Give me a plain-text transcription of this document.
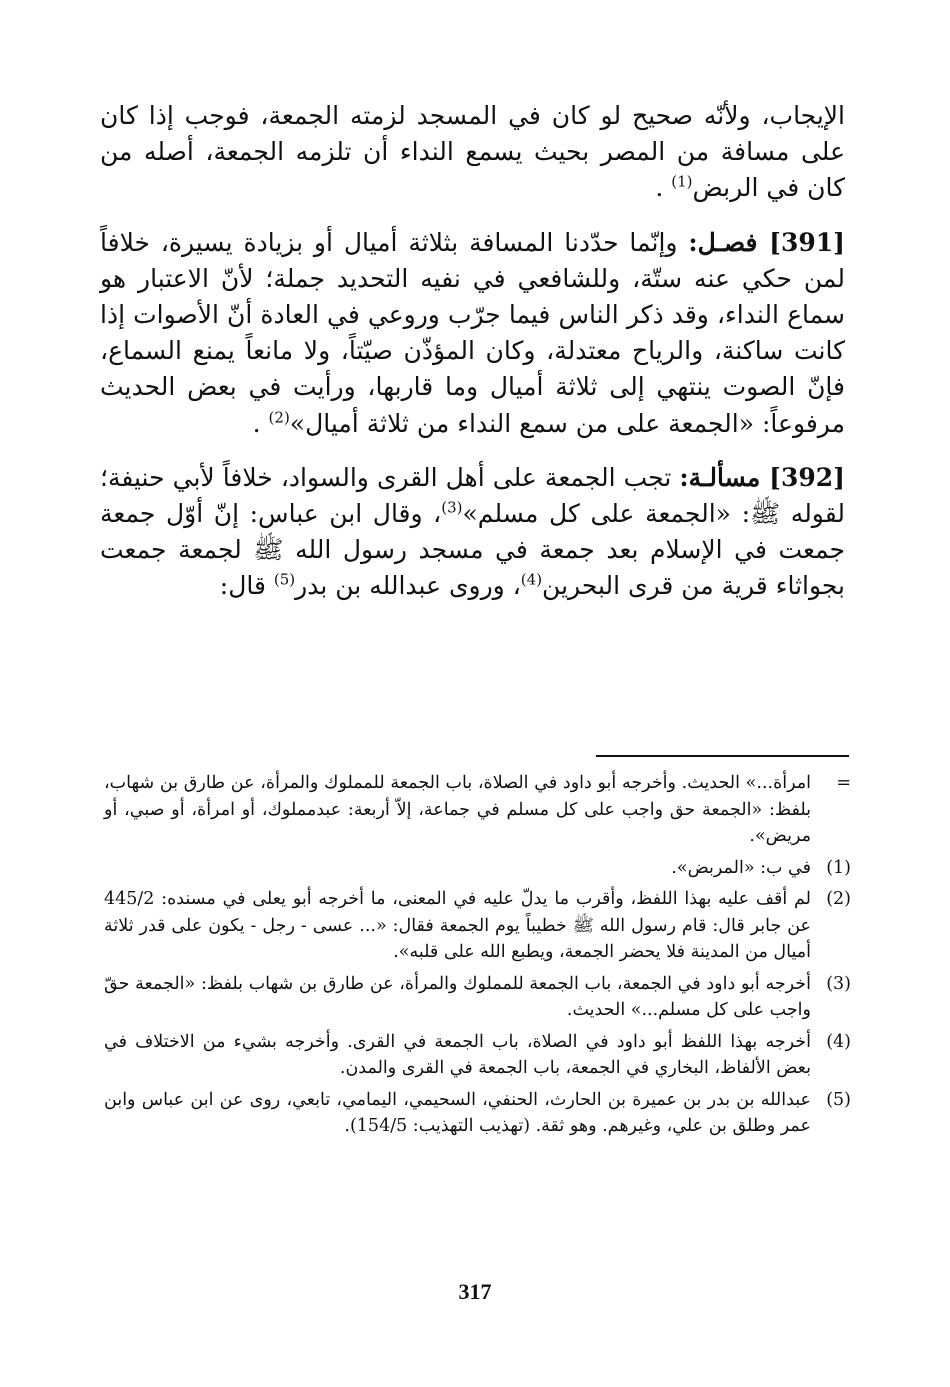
الإيجاب، ولأنّه صحيح لو كان في المسجد لزمته الجمعة، فوجب إذا كان على مسافة من المصر بحيث يسمع النداء أن تلزمه الجمعة، أصله من كان في الربض$^{(1)}$ .

[391] فصـل: وإنّما حدّدنا المسافة بثلاثة أميال أو بزيادة يسيرة، خلافاً لمن حكي عنه ستّة، وللشافعي في نفيه التحديد جملة؛ لأنّ الاعتبار هو سماع النداء، وقد ذكر الناس فيما جرّب وروعي في العادة أنّ الأصوات إذا كانت ساكنة، والرياح معتدلة، وكان المؤذّن صيّتاً، ولا مانعاً يمنع السماع، فإنّ الصوت ينتهي إلى ثلاثة أميال وما قاربها، ورأيت في بعض الحديث مرفوعاً: «الجمعة على من سمع النداء من ثلاثة أميال»$^{(2)}$ .

[392] مسألـة: تجب الجمعة على أهل القرى والسواد، خلافاً لأبي حنيفة؛ لقوله ﷺ: «الجمعة على كل مسلم»$^{(3)}$، وقال ابن عباس: إنّ أوّل جمعة جمعت في الإسلام بعد جمعة في مسجد رسول الله ﷺ لجمعة جمعت بجواثاء قرية من قرى البحرين$^{(4)}$، وروى عبدالله بن بدر$^{(5)}$ قال:

=
امرأة...» الحديث. وأخرجه أبو داود في الصلاة، باب الجمعة للمملوك والمرأة، عن طارق بن شهاب، بلفظ: «الجمعة حق واجب على كل مسلم في جماعة، إلاّ أربعة: عبدمملوك، أو امرأة، أو صبي، أو مريض».
(1)
في ب: «المربض».
(2)
لم أقف عليه بهذا اللفظ، وأقرب ما يدلّ عليه في المعنى، ما أخرجه أبو يعلى في مسنده: 445/2 عن جابر قال: قام رسول الله ﷺ خطيباً يوم الجمعة فقال: «... عسى - رجل - يكون على قدر ثلاثة أميال من المدينة فلا يحضر الجمعة، ويطبع الله على قلبه».
(3)
أخرجه أبو داود في الجمعة، باب الجمعة للمملوك والمرأة، عن طارق بن شهاب بلفظ: «الجمعة حقّ واجب على كل مسلم...» الحديث.
(4)
أخرجه بهذا اللفظ أبو داود في الصلاة، باب الجمعة في القرى. وأخرجه بشيء من الاختلاف في بعض الألفاظ، البخاري في الجمعة، باب الجمعة في القرى والمدن.
(5)
عبدالله بن بدر بن عميرة بن الحارث، الحنفي، السحيمي، اليمامي، تابعي، روى عن ابن عباس وابن عمر وطلق بن علي، وغيرهم. وهو ثقة. (تهذيب التهذيب: 154/5).
317
